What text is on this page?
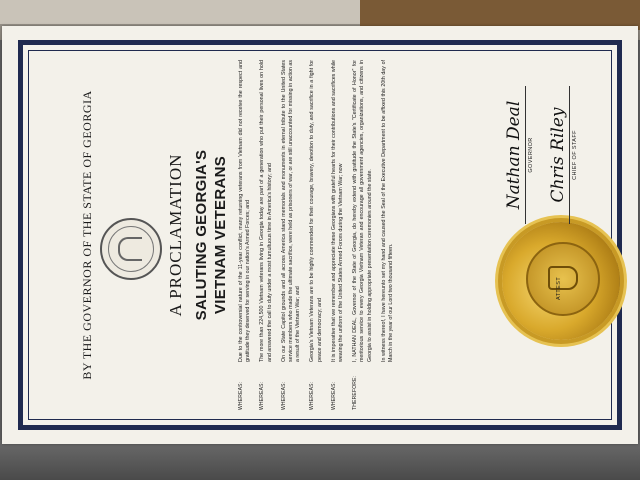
BY THE GOVERNOR OF THE STATE OF GEORGIA	A PROCLAMATION SALUTING GEORGIA'S VIETNAM VETERANS
WHEREAS:
Due to the controversial nature of the 11-year conflict, many returning veterans from Vietnam did not receive the respect and gratitude they deserved for serving in our nation's Armed Forces; and
WHEREAS:
The more than 224,500 Vietnam veterans living in Georgia today are part of a generation who put their personal lives on hold and answered the call to duty under a most tumultuous time in America's history; and
WHEREAS:
On our State Capitol grounds and all across America stand memorials and monuments in eternal tribute to the United States service members who made the ultimate sacrifice, were held as prisoners of war, or are still unaccounted for missing in action as a result of the Vietnam War; and
WHEREAS:
Georgia's Vietnam Veterans are to be highly commended for their courage, bravery, devotion to duty, and sacrifice in a fight for peace and democracy; and
WHEREAS:
It is imperative that we remember and appreciate these Georgians with grateful hearts for their contributions and sacrifices while wearing the uniform of the United States Armed Forces during the Vietnam War; now
THEREFORE:
I, NATHAN DEAL, Governor of the State of Georgia, do hereby extend with gratitude the State's "Certificate of Honor" for meritorious service to every Georgia Vietnam Veteran and encourage all government agencies, organizations, and citizens in Georgia to assist in holding appropriate presentation ceremonies around the state. In witness thereof, I have hereunto set my hand and caused the Seal of the Executive Department to be affixed this 20th day of March in the year of our Lord two thousand fifteen.
Nathan Deal GOVERNOR
ATTEST
Chris Riley CHIEF OF STAFF
